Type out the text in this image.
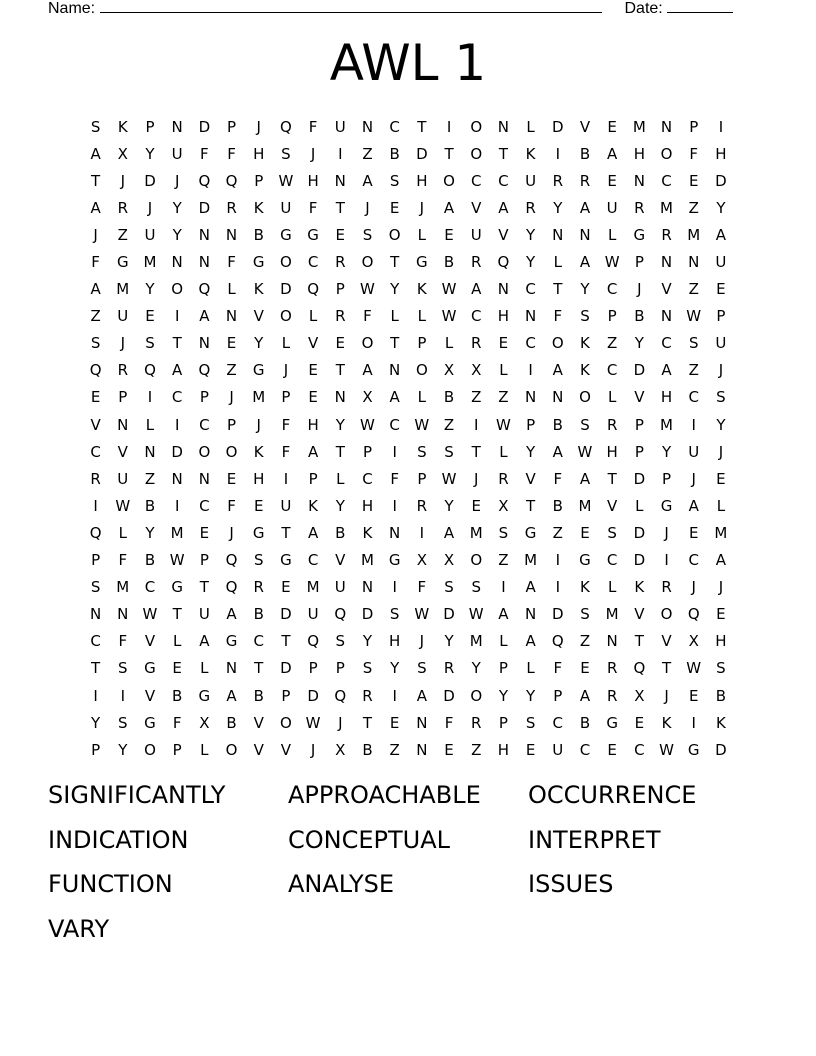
Name:	Date:
AWL 1
S	K	P	N	D	P	J	Q	F	U	N	C	T	I	O	N	L	D	V	E	M	N	P	I
A	X	Y	U	F	F	H	S	J	I	Z	B	D	T	O	T	K	I	B	A	H	O	F	H
T	J	D	J	Q	Q	P	W H	N	A	S	H	O	C	C	U	R	R	E	N	C	E	D
A	R	J	Y	D	R	K	U	F	T	J	E	J	A	V	A	R	Y	A	U	R	M	Z	Y
J	Z	U	Y	N	N	B	G	G	E	S	O	L	E	U	V	Y	N	N	L	G	R	M	A
F	G M	N	N	F	G	O	C	R	O	T	G	B	R	Q	Y	L	A W	P	N	N	U
A	M	Y	O	Q	L	K	D	Q	P	W	Y	K W A	N	C	T	Y	C	J	V	Z	E
Z	U	E	I	A	N	V	O	L	R	F	L	L	W C	H	N	F	S	P	B	N W	P
S	J	S	T	N	E	Y	L	V	E	O	T	P	L	R	E	C	O	K	Z	Y	C	S	U
Q	R	Q	A	Q	Z	G	J	E	T	A	N	O	X	X	L	I	A	K	C	D	A	Z	J
E	P	I	C	P	J	M	P	E	N	X	A	L	B	Z	Z	N	N	O	L	V	H	C	S
V	N	L	I	C	P	J	F	H	Y	W C W Z	I	W	P	B	S	R	P	M	I	Y
C	V	N	D	O	O	K	F	A	T	P	I	S	S	T	L	Y	A W H	P	Y	U	J
R	U	Z	N	N	E	H	I	P	L	C	F	P	W	J	R	V	F	A	T	D	P	J	E
I	W B	I	C	F	E	U	K	Y	H	I	R	Y	E	X	T	B	M	V	L	G	A	L
Q	L	Y	M	E	J	G	T	A	B	K	N	I	A	M	S	G	Z	E	S	D	J	E	M
P	F	B W	P	Q	S	G	C	V	M G	X	X	O	Z	M	I	G	C	D	I	C	A
S	M	C	G	T	Q	R	E	M	U	N	I	F	S	S	I	A	I	K	L	K	R	J	J
N	N W	T	U	A	B	D	U	Q	D	S	W D W A	N	D	S	M	V	O	Q	E
C	F	V	L	A	G	C	T	Q	S	Y	H	J	Y	M	L	A	Q	Z	N	T	V	X	H
T	S	G	E	L	N	T	D	P	P	S	Y	S	R	Y	P	L	F	E	R	Q	T	W	S
I	I	V	B	G	A	B	P	D	Q	R	I	A	D	O	Y	Y	P	A	R	X	J	E	B
Y	S	G	F	X	B	V	O W	J	T	E	N	F	R	P	S	C	B	G	E	K	I	K
P	Y	O	P	L	O	V	V	J	X	B	Z	N	E	Z	H	E	U	C	E	C W G	D
SIGNIFICANTLY	APPROACHABLE	OCCURRENCE
INDICATION	CONCEPTUAL	INTERPRET
FUNCTION	ANALYSE	ISSUES
VARY
